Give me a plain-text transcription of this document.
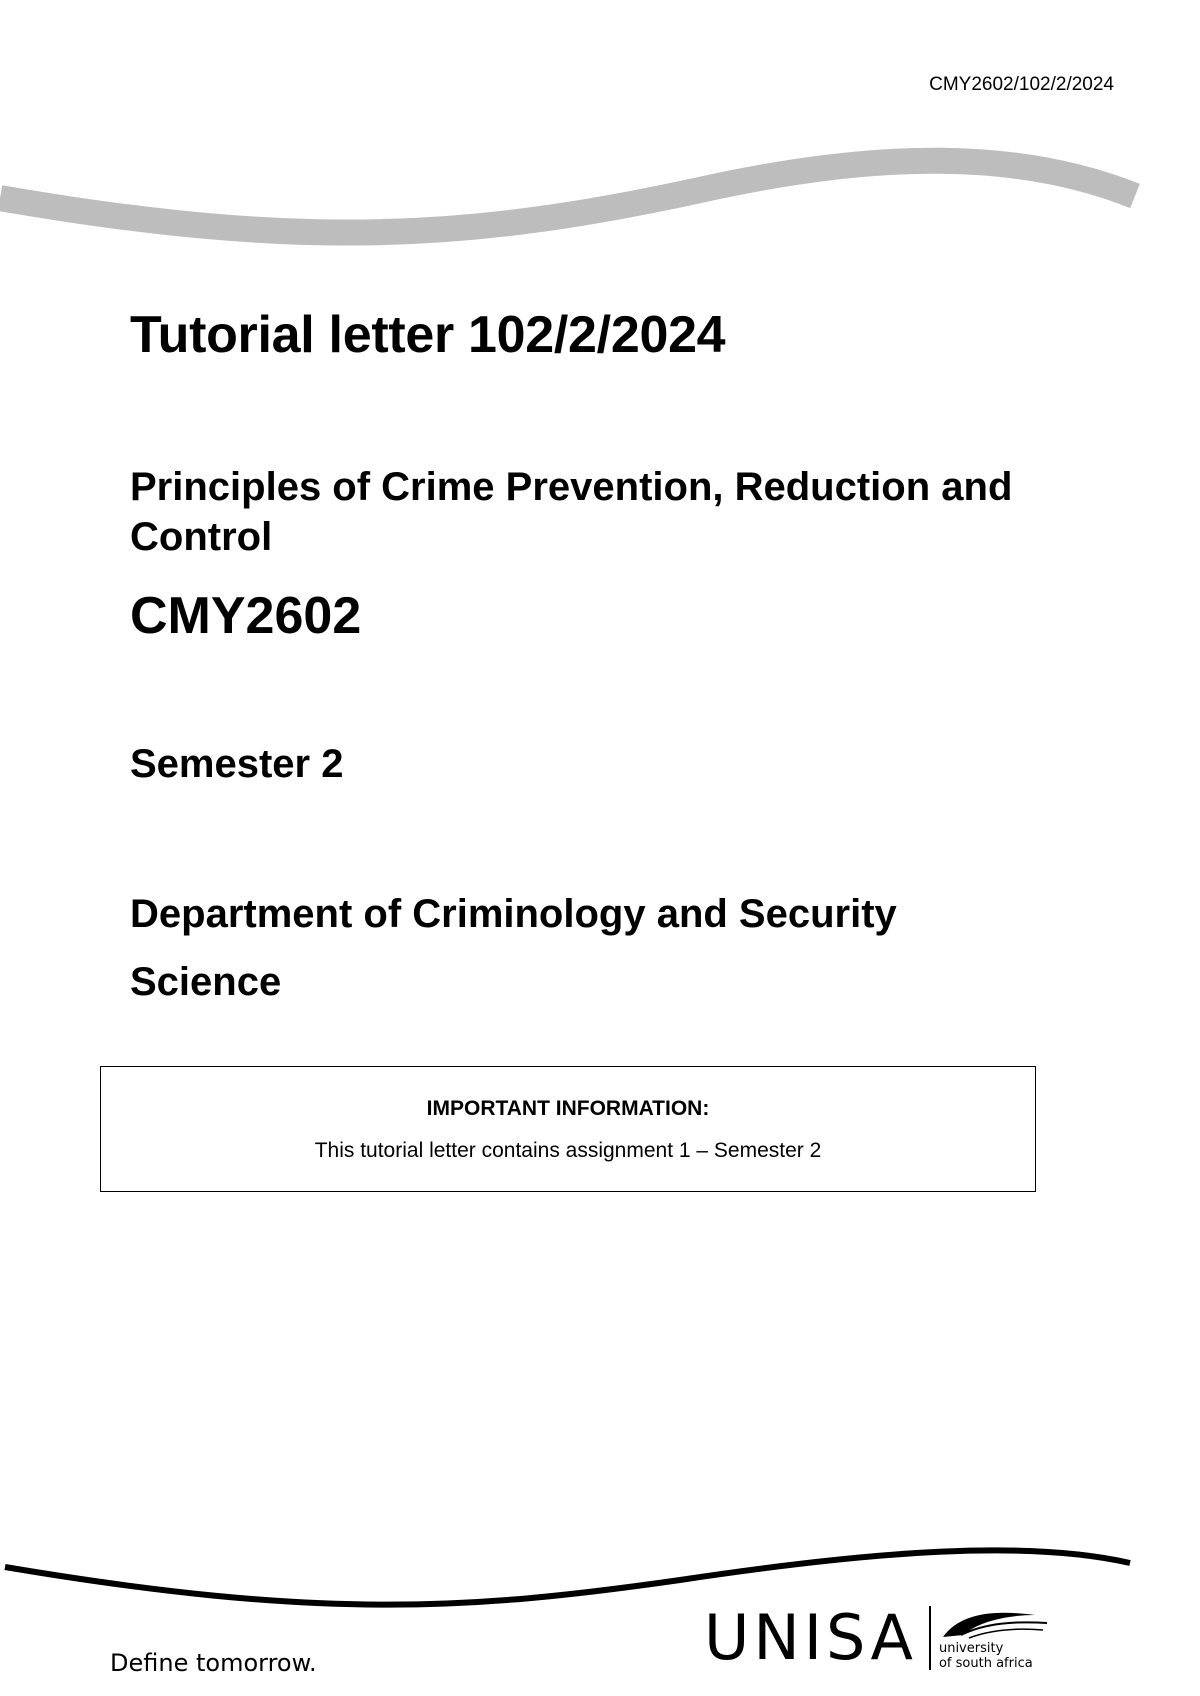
CMY2602/102/2/2024
Tutorial letter 102/2/2024
Principles of Crime Prevention, Reduction and Control
CMY2602
Semester 2
Department of Criminology and Security Science
IMPORTANT INFORMATION:
This tutorial letter contains assignment 1 – Semester 2
Define tomorrow.	UNISA university
of south africa
